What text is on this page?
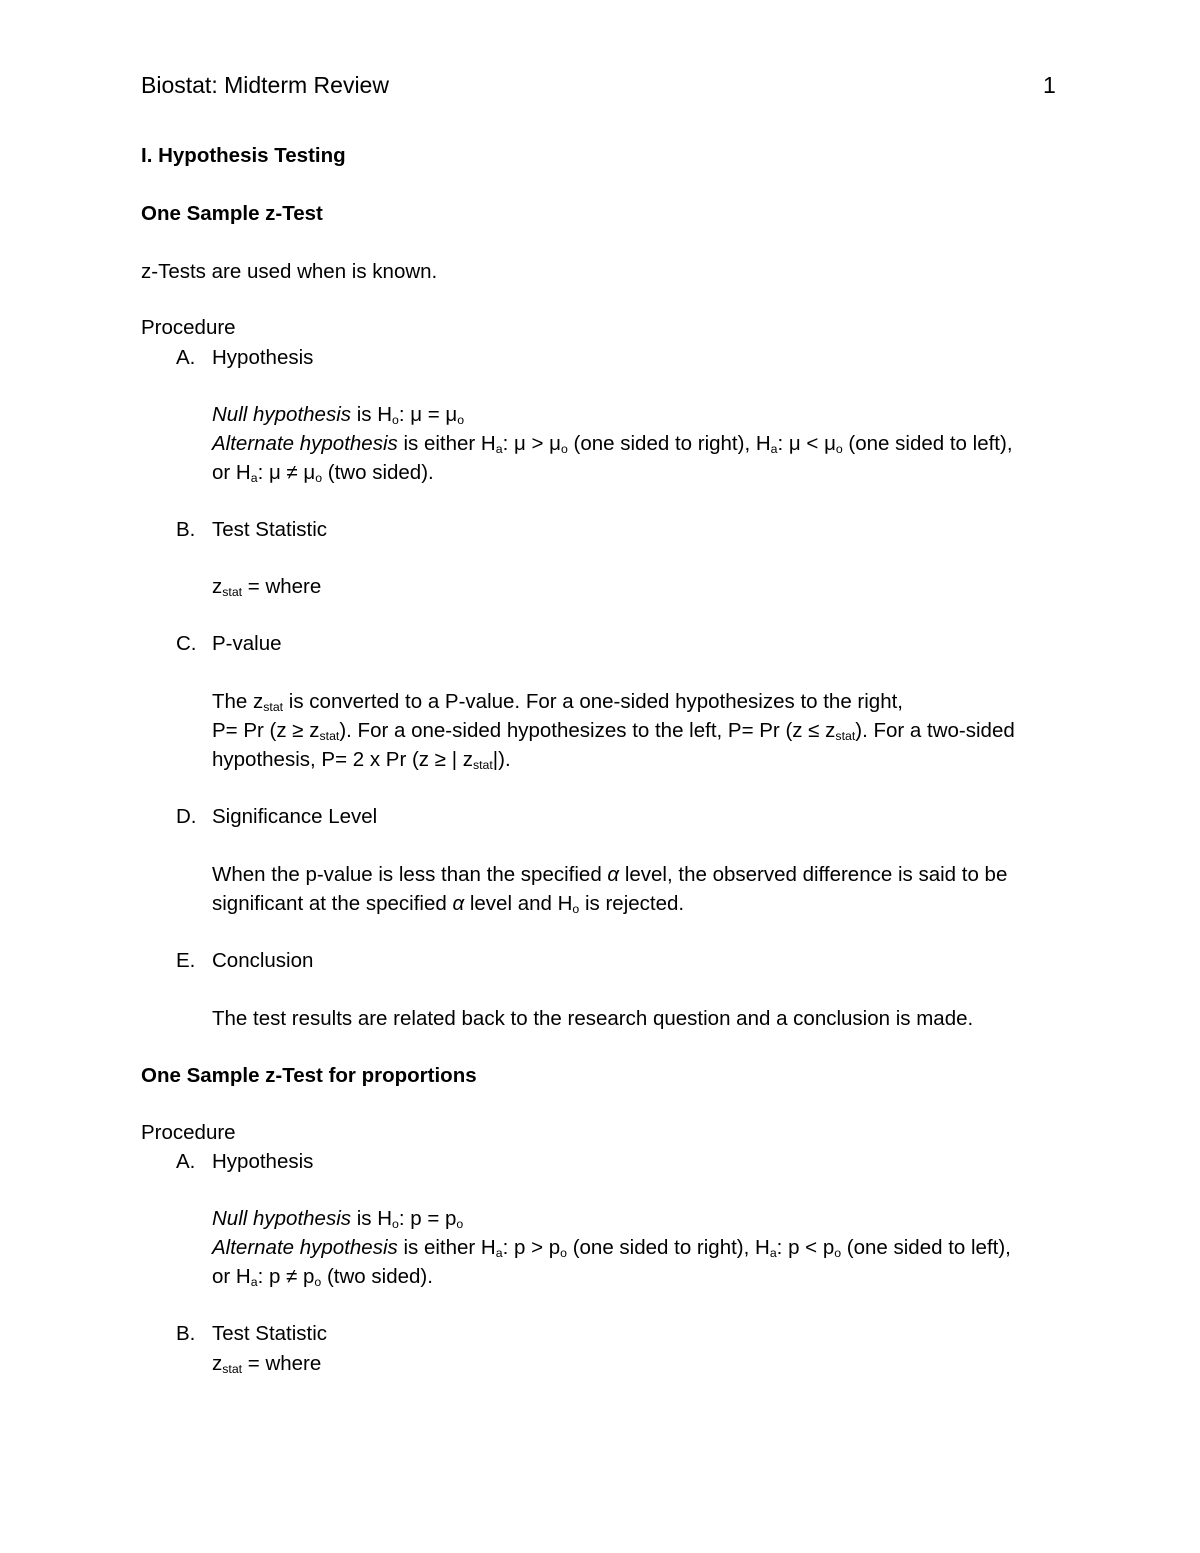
Biostat: Midterm Review	1
I. Hypothesis Testing
One Sample z-Test
z-Tests are used when is known.
Procedure
A. Hypothesis
Null hypothesis is $H_o$: $\mu = \mu_o$
Alternate hypothesis is either $H_a$: $\mu > \mu_o$ (one sided to right), $H_a$: $\mu < \mu_o$ (one sided to left),
or $H_a$: $\mu \ne \mu_o$ (two sided).
B. Test Statistic
$z_{stat}$ = where
C. P-value
The $z_{stat}$ is converted to a P-value. For a one-sided hypothesizes to the right,
P= Pr $(z \ge z_{stat})$. For a one-sided hypothesizes to the left, P= Pr $(z \le z_{stat})$. For a two-sided
hypothesis, P= 2 x Pr (z ≥ | $z_{stat}|$).
D. Significance Level
When the p-value is less than the specified α level, the observed difference is said to be
significant at the specified α level and $H_o$ is rejected.
E. Conclusion
The test results are related back to the research question and a conclusion is made.
One Sample z-Test for proportions
Procedure
A. Hypothesis
Null hypothesis is $H_o$: $p = p_o$
Alternate hypothesis is either $H_a$: $p > p_o$ (one sided to right), $H_a$: $p < p_o$ (one sided to left),
or $H_a$: $p \ne p_o$ (two sided).
B. Test Statistic
$z_{stat}$ = where
